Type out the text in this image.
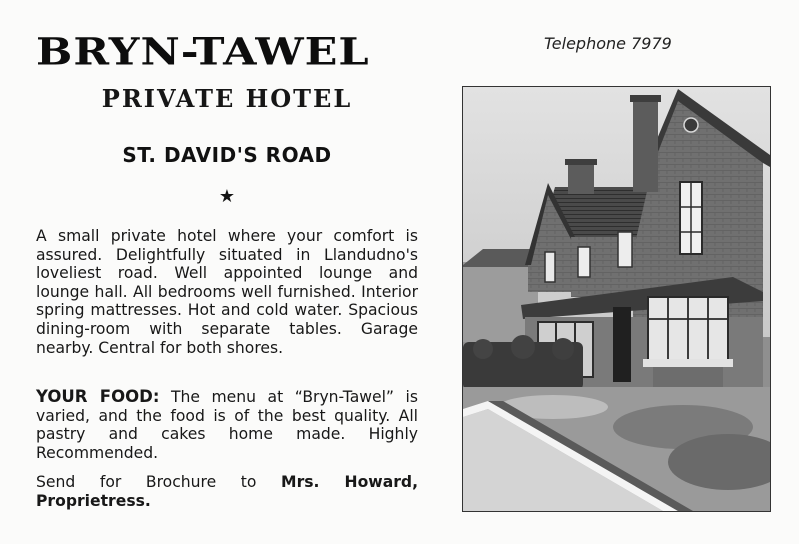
BRYN-TAWEL
PRIVATE HOTEL
ST. DAVID'S ROAD
★
Telephone 7979

A small private hotel where your comfort is assured. Delightfully situated in Llandudno's loveliest road. Well appointed lounge and lounge hall. All bedrooms well furnished. Interior spring mattresses. Hot and cold water. Spacious dining-room with separate tables. Garage nearby. Central for both shores.

YOUR FOOD: The menu at “Bryn-Tawel” is varied, and the food is of the best quality. All pastry and cakes home made. Highly Recommended.

Send for Brochure to Mrs. Howard, Proprietress.
